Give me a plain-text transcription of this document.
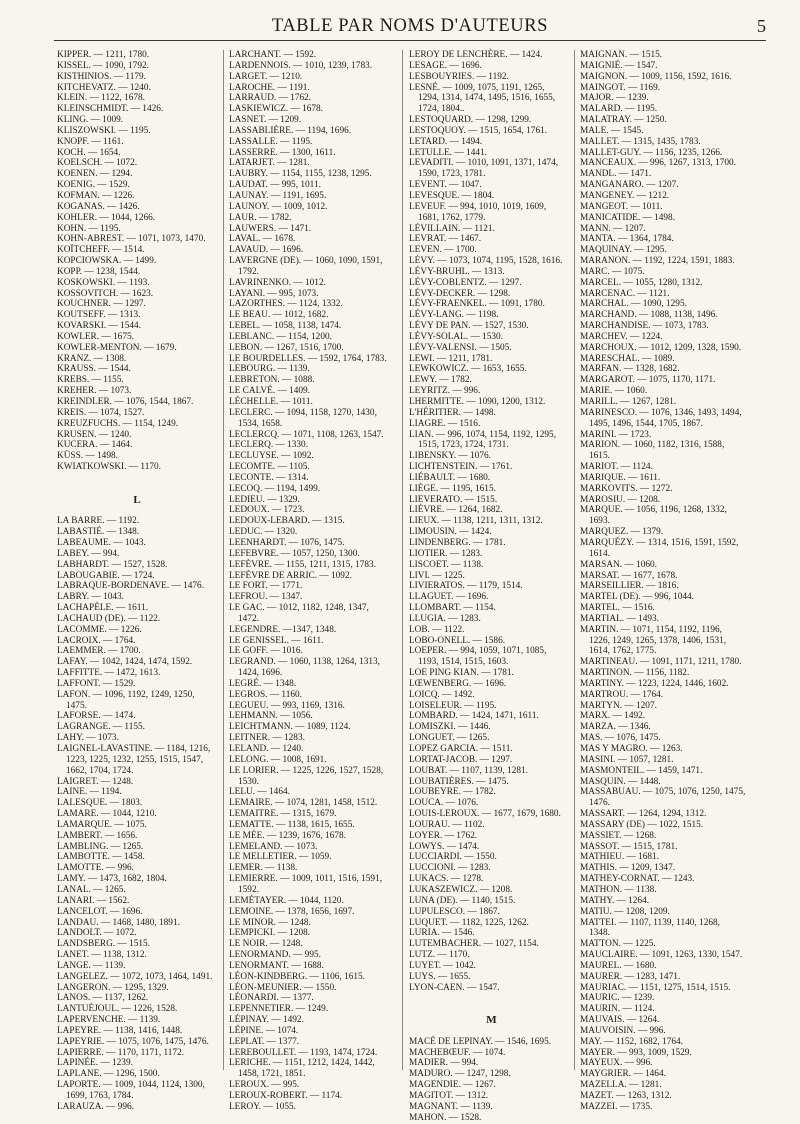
TABLE PAR NOMS D'AUTEURS	5
KIPPER. — 1211, 1780.
KISSEL. — 1090, 1792.
KISTHINIOS. — 1179.
KITCHEVATZ. — 1240.
KLEIN. — 1122, 1678.
KLEINSCHMIDT. — 1426.
KLING. — 1009.
KLISZOWSKI. — 1195.
KNOPF. — 1161.
KOCH. — 1654.
KOELSCH. — 1072.
KOENEN. — 1294.
KOENIG. — 1529.
KOFMAN. — 1226.
KOGANAS. — 1426.
KOHLER. — 1044, 1266.
KOHN. — 1195.
KOHN-ABREST. — 1071, 1073, 1470.
KOÏTCHEFF. — 1514.
KOPCIOWSKA. — 1499.
KOPP. — 1238, 1544.
KOSKOWSKI. — 1193.
KOSSOVITCH. — 1623.
KOUCHNER. — 1297.
KOUTSEFF. — 1313.
KOVARSKI. — 1544.
KOWLER. — 1675.
KOWLER-MENTON. — 1679.
KRANZ. — 1308.
KRAUSS. — 1544.
KREBS. — 1155.
KREHER. — 1073.
KREINDLER. — 1076, 1544, 1867.
KREIS. — 1074, 1527.
KREUZFUCHS. — 1154, 1249.
KRUSEN. — 1240.
KUCERA. — 1464.
KÜSS. — 1498.
KWIATKOWSKI. — 1170.
L
LA BARRE. — 1192.
LABASTIÉ. — 1348.
LABEAUME. — 1043.
LABEY. — 994.
LABHARDT. — 1527, 1528.
LABOUGABIE. — 1724.
LABRAQUE-BORDENAVE. — 1476.
LABRY. — 1043.
LACHAPÈLE. — 1611.
LACHAUD (DE). — 1122.
LACOMME. — 1226.
LACROIX. — 1764.
LAEMMER. — 1700.
LAFAY. — 1042, 1424, 1474, 1592.
LAFFITTE. — 1472, 1613.
LAFFONT. — 1529.
LAFON. — 1096, 1192, 1249, 1250,
1475.
LAFORSE. — 1474.
LAGRANGE. — 1155.
LAHY. — 1073.
LAIGNEL-LAVASTINE. — 1184, 1216,
1223, 1225, 1232, 1255, 1515, 1547,
1662, 1704, 1724.
LAIGRET. — 1248.
LAINE. — 1194.
LALESQUE. — 1803.
LAMARE. — 1044, 1210.
LAMARQUE. — 1075.
LAMBERT. — 1656.
LAMBLING. — 1265.
LAMBOTTE. — 1458.
LAMOTTE. — 996.
LAMY. — 1473, 1682, 1804.
LANAL. — 1265.
LANARI. — 1562.
LANCELOT. — 1696.
LANDAU. — 1468, 1480, 1891.
LANDOLT. — 1072.
LANDSBERG. — 1515.
LANET. — 1138, 1312.
LANGE. — 1139.
LANGELEZ. — 1072, 1073, 1464, 1491.
LANGERON. — 1295, 1329.
LANOS. — 1137, 1262.
LANTUÉJOUL. — 1226, 1528.
LAPERVENCHE. — 1139.
LAPEYRE. — 1138, 1416, 1448.
LAPEYRIE. — 1075, 1076, 1475, 1476.
LAPIERRE. — 1170, 1171, 1172.
LAPINÉE. — 1239.
LAPLANE. — 1296, 1500.
LAPORTE. — 1009, 1044, 1124, 1300,
1699, 1763, 1784.
LARAUZA. — 996.
LARCHANT. — 1592.
LARDENNOIS. — 1010, 1239, 1783.
LARGET. — 1210.
LAROCHE. — 1191.
LARRAUD. — 1762.
LASKIEWICZ. — 1678.
LASNET. — 1209.
LASSABLIÈRE. — 1194, 1696.
LASSALLE. — 1195.
LASSERRE. — 1300, 1611.
LATARJET. — 1281.
LAUBRY. — 1154, 1155, 1238, 1295.
LAUDAT. — 995, 1011.
LAUNAY. — 1191, 1695.
LAUNOY. — 1009, 1012.
LAUR. — 1782.
LAUWERS. — 1471.
LAVAL. — 1678.
LAVAUD. — 1696.
LAVERGNE (DE). — 1060, 1090, 1591,
1792.
LAVRINENKO. — 1012.
LAYANI. — 995, 1073.
LAZORTHES. — 1124, 1332.
LE BEAU. — 1012, 1682.
LEBEL. — 1058, 1138, 1474.
LEBLANC. — 1154, 1200.
LEBON. — 1267, 1516, 1700.
LE BOURDELLES. — 1592, 1764, 1783.
LEBOURG. — 1139.
LEBRETON. — 1088.
LE CALVÉ. — 1409.
LÉCHELLE. — 1011.
LECLERC. — 1094, 1158, 1270, 1430,
1534, 1658.
LECLERCQ. — 1071, 1108, 1263, 1547.
LECLERQ. — 1330.
LECLUYSE. — 1092.
LECOMTE. — 1105.
LECONTE. — 1314.
LECOQ. — 1194, 1499.
LEDIEU. — 1329.
LEDOUX. — 1723.
LEDOUX-LEBARD. — 1315.
LEDUC. — 1320.
LEENHARDT. — 1076, 1475.
LEFEBVRE. — 1057, 1250, 1300.
LEFÈVRE. — 1155, 1211, 1315, 1783.
LEFÈVRE DE ARRIC. — 1092.
LE FORT. — 1771.
LEFROU. — 1347.
LE GAC. — 1012, 1182, 1248, 1347,
1472.
LEGENDRE. —1347, 1348.
LE GENISSEL. — 1611.
LE GOFF. — 1016.
LEGRAND. — 1060, 1138, 1264, 1313,
1424, 1696.
LEGRÉ. — 1348.
LEGROS. — 1160.
LEGUEU. — 993, 1169, 1316.
LEHMANN. — 1056.
LEICHTMANN. — 1089, 1124.
LEITNER. — 1283.
LELAND. — 1240.
LELONG. — 1008, 1691.
LE LORIER. — 1225, 1226, 1527, 1528,
1530.
LELU. — 1464.
LEMAIRE. — 1074, 1281, 1458, 1512.
LEMAITRE. — 1315, 1679.
LEMATTE. — 1138, 1615, 1655.
LE MÉE. — 1239, 1676, 1678.
LEMELAND. — 1073.
LE MELLETIER. — 1059.
LEMER. — 1138.
LEMIERRE. — 1009, 1011, 1516, 1591,
1592.
LEMÉTAYER. — 1044, 1120.
LEMOINE. — 1378, 1656, 1697.
LE MINOR. — 1248.
LEMPICKI. — 1208.
LE NOIR. — 1248.
LENORMAND. — 995.
LENORMANT. — 1688.
LÉON-KINDBERG. — 1106, 1615.
LÉON-MEUNIER. — 1550.
LÉONARDI. — 1377.
LEPENNETIER. — 1249.
LÉPINAY. — 1492.
LÉPINE. — 1074.
LEPLAT. — 1377.
LEREBOULLET. — 1193, 1474, 1724.
LERICHE. — 1151, 1212, 1424, 1442,
1458, 1721, 1851.
LEROUX. — 995.
LEROUX-ROBERT. — 1174.
LEROY. — 1055.
LEROY DE LENCHÈRE. — 1424.
LESAGE. — 1696.
LESBOUYRIES. — 1192.
LESNÉ. — 1009, 1075, 1191, 1265,
1294, 1314, 1474, 1495, 1516, 1655,
1724, 1804..
LESTOQUARD. — 1298, 1299.
LESTOQUOY. — 1515, 1654, 1761.
LETARD. — 1494.
LETULLE. — 1441.
LEVADITI. — 1010, 1091, 1371, 1474,
1590, 1723, 1781.
LEVENT. — 1047.
LEVESQUE. — 1804.
LEVEUF. — 994, 1010, 1019, 1609,
1681, 1762, 1779.
LÉVILLAIN. — 1121.
LEVRAT. — 1467.
LEVEN. — 1700.
LÉVY. — 1073, 1074, 1195, 1528, 1616.
LÉVY-BRUHL. — 1313.
LÉVY-COBLENTZ. — 1297.
LÉVY-DECKER. — 1298.
LÉVY-FRAENKEL. — 1091, 1780.
LÉVY-LANG. — 1198.
LÉVY DE PAN. — 1527, 1530.
LÉVY-SOLAL. — 1530.
LÉVY-VALENSI. — 1505.
LEWI. — 1211, 1781.
LEWKOWICZ. — 1653, 1655.
LEWY. — 1782.
LEYRITZ. — 996.
LHERMITTE. — 1090, 1200, 1312.
L'HÉRITIER. — 1498.
LIAGRE. — 1516.
LIAN. — 996, 1074, 1154, 1192, 1295,
1515, 1723, 1724, 1731.
LIBENSKY. — 1076.
LICHTENSTEIN. — 1761.
LIÉBAULT. — 1680.
LIÈGE. — 1195, 1615.
LIEVERATO. — 1515.
LIÈVRE. — 1264, 1682.
LIEUX. — 1138, 1211, 1311, 1312.
LIMOUSIN. — 1424.
LINDENBERG. — 1781.
LIOTIER. — 1283.
LISCOET. — 1138.
LIVI. — 1225.
LIVIERATOS. — 1179, 1514.
LLAGUET. — 1696.
LLOMBART. — 1154.
LLUGIA. — 1283.
LOB. — 1122.
LOBO-ONELL. — 1586.
LOEPER. — 994, 1059, 1071, 1085,
1193, 1514, 1515, 1603.
LOE PING KIAN. — 1781.
LŒWENBERG. — 1696.
LOICQ. — 1492.
LOISELEUR. — 1195.
LOMBARD. — 1424, 1471, 1611.
LOMISZKI. — 1446.
LONGUET. — 1265.
LOPEZ GARCIA. — 1511.
LORTAT-JACOB. — 1297.
LOUBAT. — 1107, 1139, 1281.
LOUBATIÈRES. — 1475.
LOUBEYRE. — 1782.
LOUCA. — 1076.
LOUIS-LEROUX. — 1677, 1679, 1680.
LOURAU. — 1102.
LOYER. — 1762.
LOWYS. — 1474.
LUCCIARDI. — 1550.
LUCCIONI. — 1283.
LUKACS. — 1278.
LUKASZEWICZ. — 1208.
LUNA (DE). — 1140, 1515.
LUPULESCO. — 1867.
LUQUET. — 1182, 1225, 1262.
LURIA. — 1546.
LUTEMBACHER. — 1027, 1154.
LUTZ. — 1170.
LUYET. — 1042.
LUYS. — 1655.
LYON-CAEN. — 1547.
M
MACÉ DE LEPINAY. — 1546, 1695.
MACHEBŒUF. — 1074.
MADIER. — 994.
MADURO. — 1247, 1298.
MAGENDIE. — 1267.
MAGITOT. — 1312.
MAGNANT. — 1139.
MAHON. — 1528.
MAIGNAN. — 1515.
MAIGNIÉ. — 1547.
MAIGNON. — 1009, 1156, 1592, 1616.
MAINGOT. — 1169.
MAJOR. — 1239.
MALARD. — 1195.
MALATRAY. — 1250.
MALE. — 1545.
MALLET. — 1315, 1435, 1783.
MALLET-GUY. — 1156, 1235, 1266.
MANCEAUX. — 996, 1267, 1313, 1700.
MANDL. — 1471.
MANGANARO. — 1207.
MANGENEY. — 1212.
MANGEOT. — 1011.
MANICATIDE. — 1498.
MANN. — 1207.
MANTA. — 1364, 1784.
MAQUINAY. — 1295.
MARANON. — 1192, 1224, 1591, 1883.
MARC. — 1075.
MARCEL. — 1055, 1280, 1312.
MARCENAC. — 1121.
MARCHAL. — 1090, 1295.
MARCHAND. — 1088, 1138, 1496.
MARCHANDISE. — 1073, 1783.
MARCHEV. — 1224.
MARCHOUX. — 1012, 1209, 1328, 1590.
MARESCHAL. — 1089.
MARFAN. — 1328, 1682.
MARGAROT. — 1075, 1170, 1171.
MARIE. — 1060.
MARILL. — 1267, 1281.
MARINESCO. — 1076, 1346, 1493, 1494,
1495, 1496, 1544, 1705, 1867.
MARINI. — 1723.
MARION. — 1060, 1182, 1316, 1588,
1615.
MARIOT. — 1124.
MARIQUE. — 1611.
MARKOVITS. — 1272.
MAROSIU. — 1208.
MARQUE. — 1056, 1196, 1268, 1332,
1693.
MARQUEZ. — 1379.
MARQUÉZY. — 1314, 1516, 1591, 1592,
1614.
MARSAN. — 1060.
MARSAT. — 1677, 1678.
MARSEILLIER. — 1816.
MARTEL (DE). — 996, 1044.
MARTEL. — 1516.
MARTIAL. — 1493.
MARTIN. — 1071, 1154, 1192, 1196,
1226, 1249, 1265, 1378, 1406, 1531,
1614, 1762, 1775.
MARTINEAU. — 1091, 1171, 1211, 1780.
MARTINON. — 1156, 1182.
MARTINY. — 1223, 1224, 1446, 1602.
MARTROU. — 1764.
MARTYN. — 1207.
MARX. — 1492.
MARZA. — 1346.
MAS. — 1076, 1475.
MAS Y MAGRO. — 1263.
MASINI. — 1057, 1281.
MASMONTEIL. — 1459, 1471.
MASQUIN. — 1448.
MASSABUAU. — 1075, 1076, 1250, 1475,
1476.
MASSART. — 1264, 1294, 1312.
MASSARY (DE) — 1022, 1515.
MASSIET. — 1268.
MASSOT. — 1515, 1781.
MATHIEU. — 1681.
MATHIS. — 1209, 1347.
MATHEY-CORNAT. — 1243.
MATHON. — 1138.
MATHY. — 1264.
MATIU. — 1208, 1209.
MATTEI. — 1107, 1139, 1140, 1268,
1348.
MATTON. — 1225.
MAUCLAIRE. — 1091, 1263, 1330, 1547.
MAUREL. — 1680.
MAURER. — 1283, 1471.
MAURIAC. — 1151, 1275, 1514, 1515.
MAURIC. — 1239.
MAURIN. — 1124.
MAUVAIS. — 1264.
MAUVOISIN. — 996.
MAY. — 1152, 1682, 1764.
MAYER. — 993, 1009, 1529.
MAYEUX. — 996.
MAYGRIER. — 1464.
MAZELLA. — 1281.
MAZET. — 1263, 1312.
MAZZEI. — 1735.
